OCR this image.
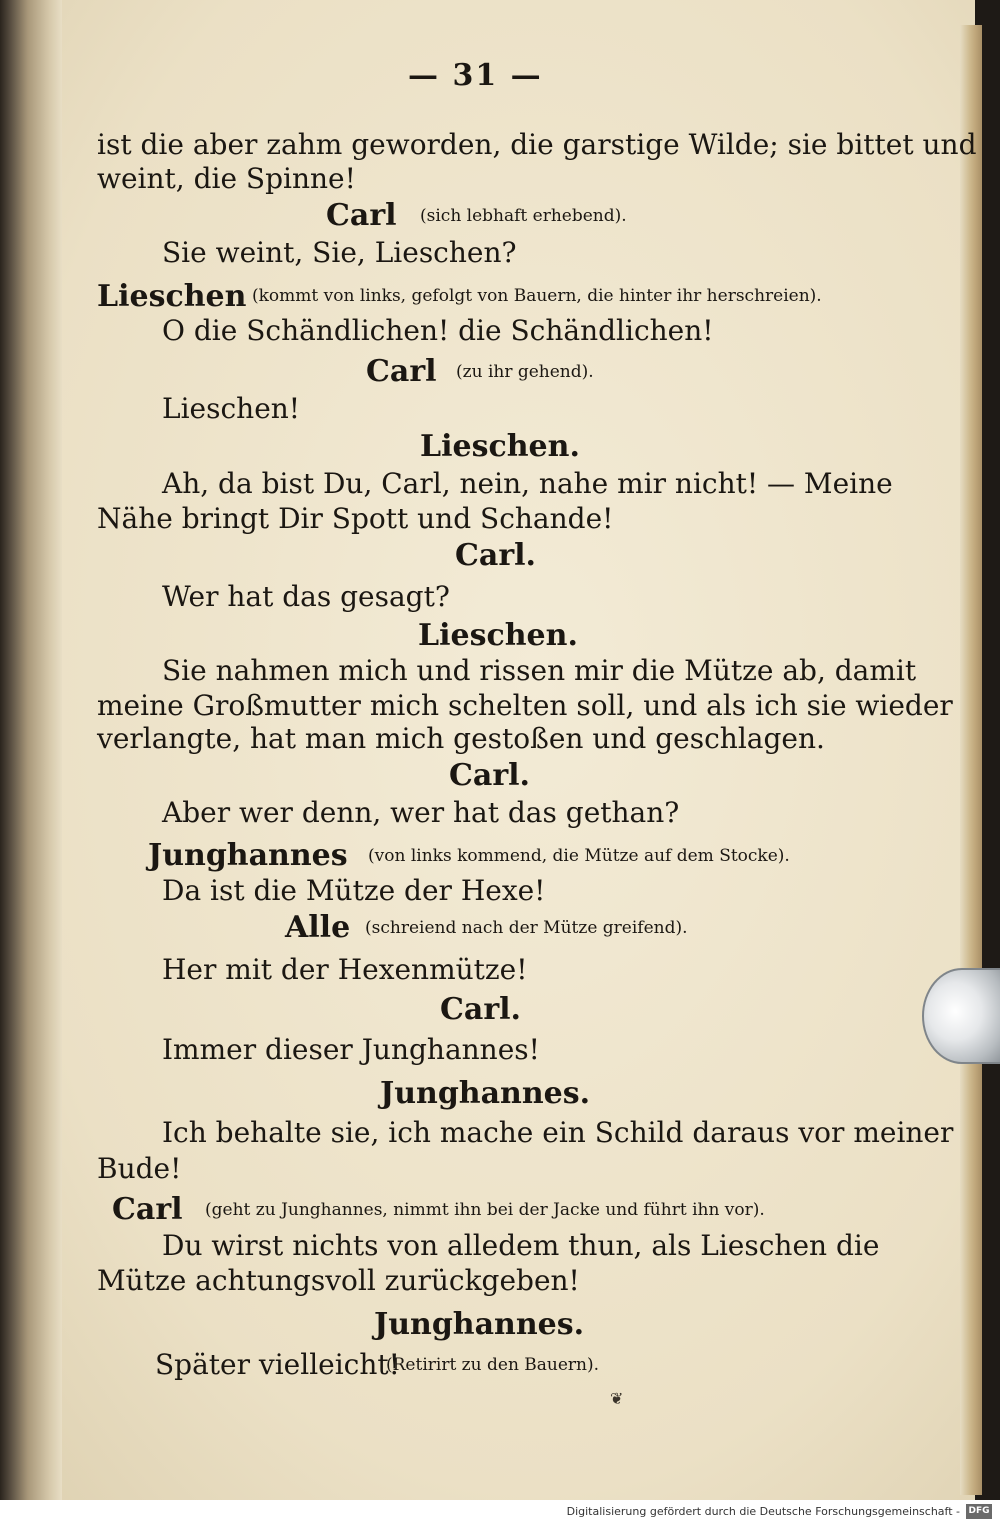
— 31 —
ist die aber zahm geworden, die garstige Wilde; sie bittet und
weint, die Spinne!
Carl (sich lebhaft erhebend).
Sie weint, Sie, Lieschen?
Lieschen (kommt von links, gefolgt von Bauern, die hinter ihr herschreien).
O die Schändlichen! die Schändlichen!
Carl (zu ihr gehend).
Lieschen!
Lieschen.
Ah, da bist Du, Carl, nein, nahe mir nicht! — Meine
Nähe bringt Dir Spott und Schande!
Carl.
Wer hat das gesagt?
Lieschen.
Sie nahmen mich und rissen mir die Mütze ab, damit
meine Großmutter mich schelten soll, und als ich sie wieder
verlangte, hat man mich gestoßen und geschlagen.
Carl.
Aber wer denn, wer hat das gethan?
Junghannes (von links kommend, die Mütze auf dem Stocke).
Da ist die Mütze der Hexe!
Alle (schreiend nach der Mütze greifend).
Her mit der Hexenmütze!
Carl.
Immer dieser Junghannes!
Junghannes.
Ich behalte sie, ich mache ein Schild daraus vor meiner
Bude!
Carl (geht zu Junghannes, nimmt ihn bei der Jacke und führt ihn vor).
Du wirst nichts von alledem thun, als Lieschen die
Mütze achtungsvoll zurückgeben!
Junghannes.
Später vielleicht!
(Retirirt zu den Bauern).
❦
Digitalisierung gefördert durch die Deutsche Forschungsgemeinschaft - DFG
